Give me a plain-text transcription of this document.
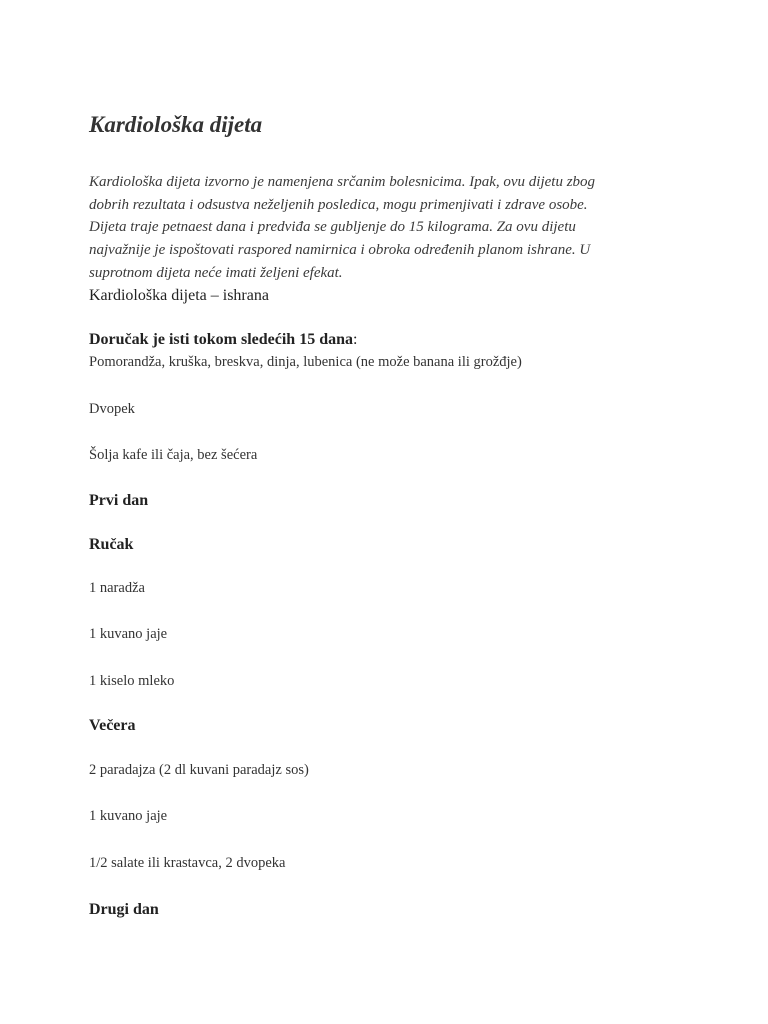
Kardiološka dijeta

Kardiološka dijeta izvorno je namenjena srčanim bolesnicima. Ipak, ovu dijetu zbog
dobrih rezultata i odsustva neželjenih posledica, mogu primenjivati i zdrave osobe.
Dijeta traje petnaest dana i predviđa se gubljenje do 15 kilograma. Za ovu dijetu
najvažnije je ispoštovati raspored namirnica i obroka određenih planom ishrane. U
suprotnom dijeta neće imati željeni efekat.

Kardiološka dijeta – ishrana

Doručak je isti tokom sledećih 15 dana:

Pomorandža, kruška, breskva, dinja, lubenica (ne može banana ili grožđje)

Dvopek

Šolja kafe ili čaja, bez šećera

Prvi dan

Ručak

1 naradža

1 kuvano jaje

1 kiselo mleko

Večera

2 paradajza (2 dl kuvani paradajz sos)

1 kuvano jaje

1/2 salate ili krastavca, 2 dvopeka

Drugi dan
